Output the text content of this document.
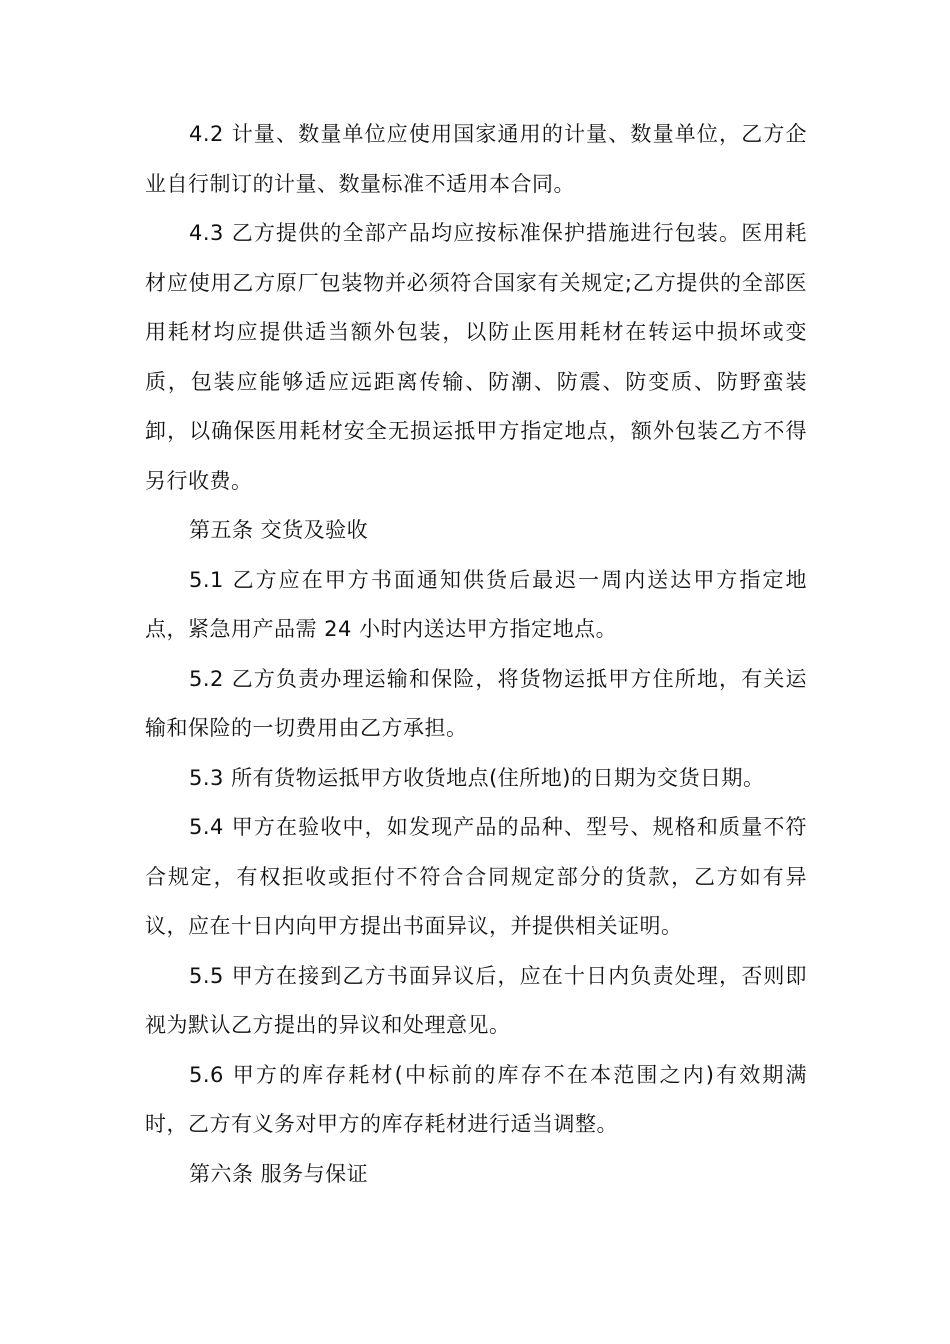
4.2 计量、数量单位应使用国家通用的计量、数量单位，乙方企业自行制订的计量、数量标准不适用本合同。

4.3 乙方提供的全部产品均应按标准保护措施进行包装。医用耗材应使用乙方原厂包装物并必须符合国家有关规定;乙方提供的全部医用耗材均应提供适当额外包装，以防止医用耗材在转运中损坏或变质，包装应能够适应远距离传输、防潮、防震、防变质、防野蛮装卸，以确保医用耗材安全无损运抵甲方指定地点，额外包装乙方不得另行收费。

第五条 交货及验收

5.1 乙方应在甲方书面通知供货后最迟一周内送达甲方指定地点，紧急用产品需 24 小时内送达甲方指定地点。

5.2 乙方负责办理运输和保险，将货物运抵甲方住所地，有关运输和保险的一切费用由乙方承担。

5.3 所有货物运抵甲方收货地点(住所地)的日期为交货日期。

5.4 甲方在验收中，如发现产品的品种、型号、规格和质量不符合规定，有权拒收或拒付不符合合同规定部分的货款，乙方如有异议，应在十日内向甲方提出书面异议，并提供相关证明。

5.5 甲方在接到乙方书面异议后，应在十日内负责处理，否则即视为默认乙方提出的异议和处理意见。

5.6 甲方的库存耗材(中标前的库存不在本范围之内)有效期满时，乙方有义务对甲方的库存耗材进行适当调整。

第六条 服务与保证
